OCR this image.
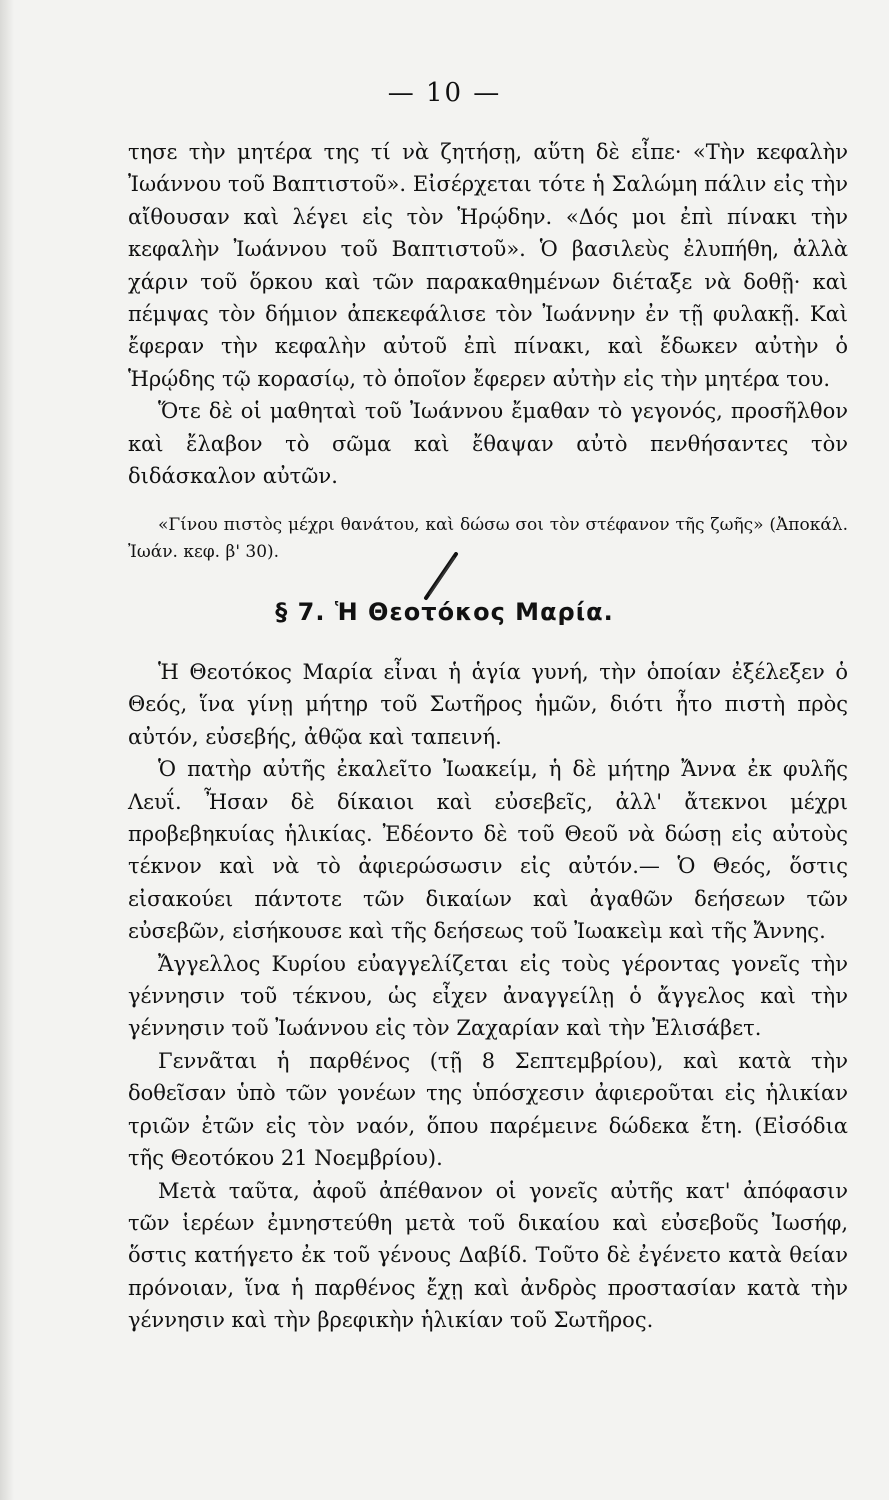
— 10 —

τησε τὴν μητέρα της τί νὰ ζητήσῃ, αὕτη δὲ εἶπε· «Τὴν κεφαλὴν Ἰωάννου τοῦ Βαπτιστοῦ». Εἰσέρχεται τότε ἡ Σαλώμη πάλιν εἰς τὴν αἴθουσαν καὶ λέγει εἰς τὸν Ἡρῴδην. «Δός μοι ἐπὶ πίνακι τὴν κεφαλὴν Ἰωάννου τοῦ Βαπτιστοῦ». Ὁ βασιλεὺς ἐλυπήθη, ἀλλὰ χάριν τοῦ ὅρκου καὶ τῶν παρακαθημένων διέταξε νὰ δοθῇ· καὶ πέμψας τὸν δήμιον ἀπεκεφάλισε τὸν Ἰωάννην ἐν τῇ φυλακῇ. Καὶ ἔφεραν τὴν κεφαλὴν αὐτοῦ ἐπὶ πίνακι, καὶ ἔδωκεν αὐτὴν ὁ Ἡρῴδης τῷ κορασίῳ, τὸ ὁποῖον ἔφερεν αὐτὴν εἰς τὴν μητέρα του.

Ὅτε δὲ οἱ μαθηταὶ τοῦ Ἰωάννου ἔμαθαν τὸ γεγονός, προσῆλθον καὶ ἔλαβον τὸ σῶμα καὶ ἔθαψαν αὐτὸ πενθήσαντες τὸν διδάσκαλον αὐτῶν.

«Γίνου πιστὸς μέχρι θανάτου, καὶ δώσω σοι τὸν στέφανον τῆς ζωῆς» (Ἀποκάλ. Ἰωάν. κεφ. β' 30).

§ 7. Ἡ Θεοτόκος Μαρία.

Ἡ Θεοτόκος Μαρία εἶναι ἡ ἁγία γυνή, τὴν ὁποίαν ἐξέλεξεν ὁ Θεός, ἵνα γίνῃ μήτηρ τοῦ Σωτῆρος ἡμῶν, διότι ἦτο πιστὴ πρὸς αὐτόν, εὐσεβής, ἀθῷα καὶ ταπεινή.

Ὁ πατὴρ αὐτῆς ἐκαλεῖτο Ἰωακείμ, ἡ δὲ μήτηρ Ἄννα ἐκ φυλῆς Λευΐ. Ἦσαν δὲ δίκαιοι καὶ εὐσεβεῖς, ἀλλ' ἄτεκνοι μέχρι προβεβηκυίας ἡλικίας. Ἐδέοντο δὲ τοῦ Θεοῦ νὰ δώσῃ εἰς αὐτοὺς τέκνον καὶ νὰ τὸ ἀφιερώσωσιν εἰς αὐτόν.— Ὁ Θεός, ὅστις εἰσακούει πάντοτε τῶν δικαίων καὶ ἀγαθῶν δεήσεων τῶν εὐσεβῶν, εἰσήκουσε καὶ τῆς δεήσεως τοῦ Ἰωακεὶμ καὶ τῆς Ἄννης.

Ἄγγελλος Κυρίου εὐαγγελίζεται εἰς τοὺς γέροντας γονεῖς τὴν γέννησιν τοῦ τέκνου, ὡς εἶχεν ἀναγγείλῃ ὁ ἄγγελος καὶ τὴν γέννησιν τοῦ Ἰωάννου εἰς τὸν Ζαχαρίαν καὶ τὴν Ἐλισάβετ.

Γεννᾶται ἡ παρθένος (τῇ 8 Σεπτεμβρίου), καὶ κατὰ τὴν δοθεῖσαν ὑπὸ τῶν γονέων της ὑπόσχεσιν ἀφιεροῦται εἰς ἡλικίαν τριῶν ἐτῶν εἰς τὸν ναόν, ὅπου παρέμεινε δώδεκα ἔτη. (Εἰσόδια τῆς Θεοτόκου 21 Νοεμβρίου).

Μετὰ ταῦτα, ἀφοῦ ἀπέθανον οἱ γονεῖς αὐτῆς κατ' ἀπόφασιν τῶν ἱερέων ἐμνηστεύθη μετὰ τοῦ δικαίου καὶ εὐσεβοῦς Ἰωσήφ, ὅστις κατήγετο ἐκ τοῦ γένους Δαβίδ. Τοῦτο δὲ ἐγένετο κατὰ θείαν πρόνοιαν, ἵνα ἡ παρθένος ἔχῃ καὶ ἀνδρὸς προστασίαν κατὰ τὴν γέννησιν καὶ τὴν βρεφικὴν ἡλικίαν τοῦ Σωτῆρος.
